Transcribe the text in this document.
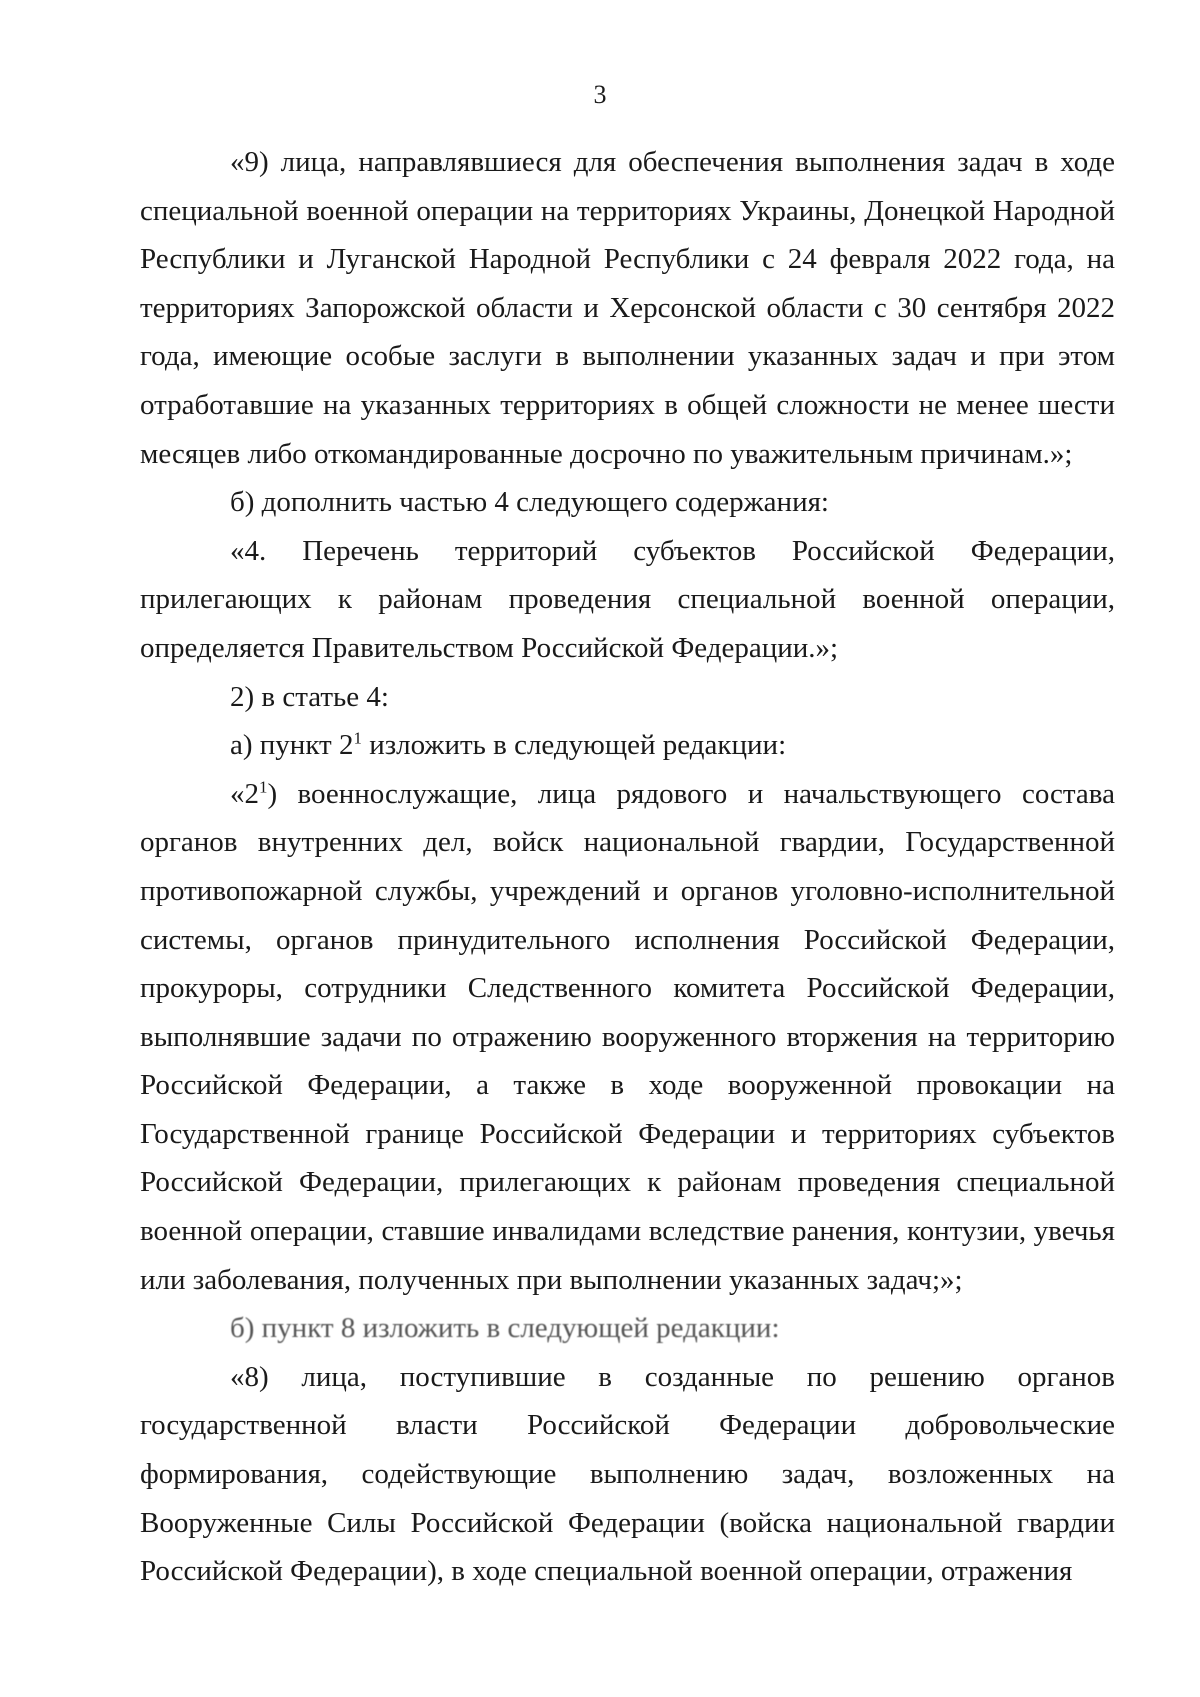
3

«9) лица, направлявшиеся для обеспечения выполнения задач в ходе специальной военной операции на территориях Украины, Донецкой Народной Республики и Луганской Народной Республики с 24 февраля 2022 года, на территориях Запорожской области и Херсонской области с 30 сентября 2022 года, имеющие особые заслуги в выполнении указанных задач и при этом отработавшие на указанных территориях в общей сложности не менее шести месяцев либо откомандированные досрочно по уважительным причинам.»;

б) дополнить частью 4 следующего содержания:

«4. Перечень территорий субъектов Российской Федерации, прилегающих к районам проведения специальной военной операции, определяется Правительством Российской Федерации.»;

2) в статье 4:

а) пункт $2^1$ изложить в следующей редакции:

«$2^1$) военнослужащие, лица рядового и начальствующего состава органов внутренних дел, войск национальной гвардии, Государственной противопожарной службы, учреждений и органов уголовно-исполнительной системы, органов принудительного исполнения Российской Федерации, прокуроры, сотрудники Следственного комитета Российской Федерации, выполнявшие задачи по отражению вооруженного вторжения на территорию Российской Федерации, а также в ходе вооруженной провокации на Государственной границе Российской Федерации и территориях субъектов Российской Федерации, прилегающих к районам проведения специальной военной операции, ставшие инвалидами вследствие ранения, контузии, увечья или заболевания, полученных при выполнении указанных задач;»;

б) пункт 8 изложить в следующей редакции:

«8) лица, поступившие в созданные по решению органов государственной власти Российской Федерации добровольческие формирования, содействующие выполнению задач, возложенных на Вооруженные Силы Российской Федерации (войска национальной гвардии Российской Федерации), в ходе специальной военной операции, отражения
